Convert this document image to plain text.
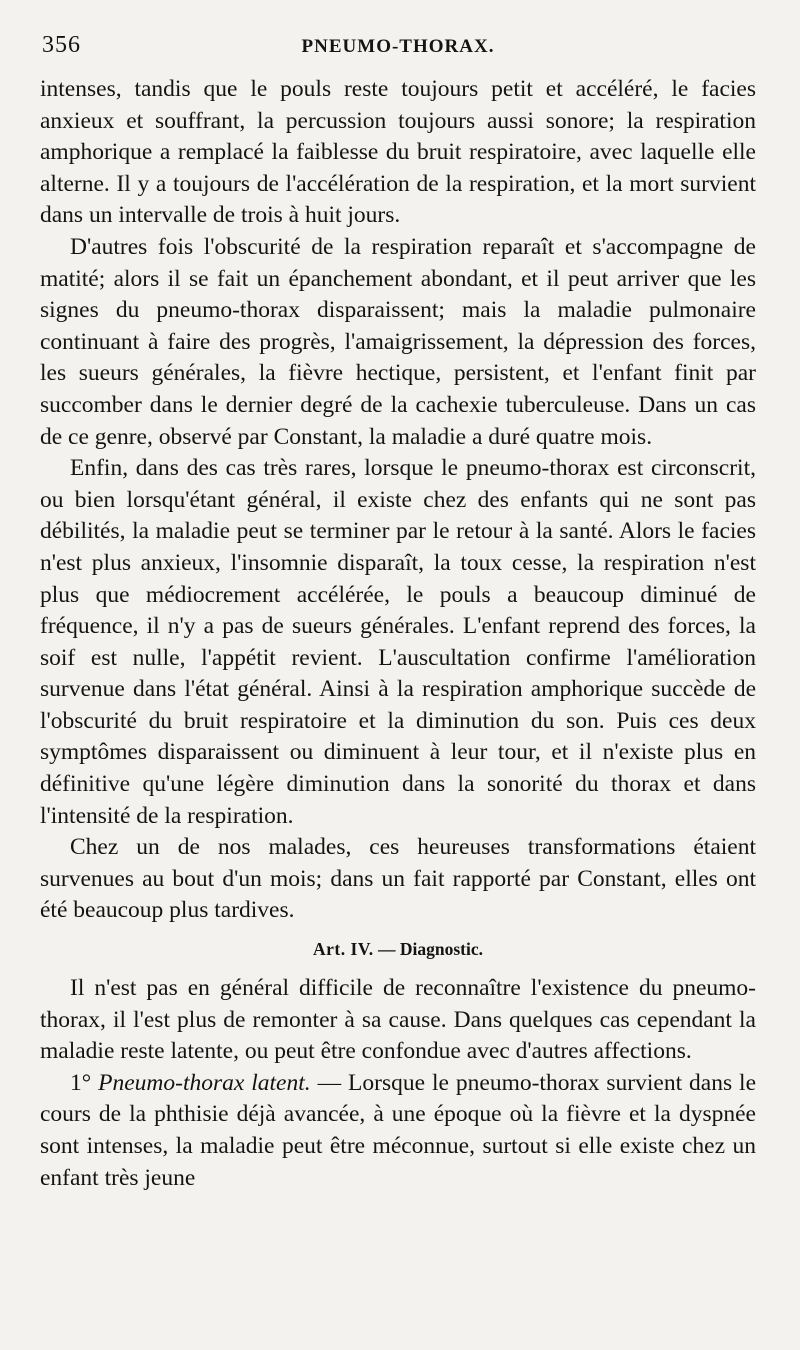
356	PNEUMO-THORAX.

intenses, tandis que le pouls reste toujours petit et accéléré, le facies anxieux et souffrant, la percussion toujours aussi sonore; la respiration amphorique a remplacé la faiblesse du bruit respiratoire, avec laquelle elle alterne. Il y a toujours de l'accélération de la respiration, et la mort survient dans un intervalle de trois à huit jours.

D'autres fois l'obscurité de la respiration reparaît et s'accompagne de matité; alors il se fait un épanchement abondant, et il peut arriver que les signes du pneumo-thorax disparaissent; mais la maladie pulmonaire continuant à faire des progrès, l'amaigrissement, la dépression des forces, les sueurs générales, la fièvre hectique, persistent, et l'enfant finit par succomber dans le dernier degré de la cachexie tuberculeuse. Dans un cas de ce genre, observé par Constant, la maladie a duré quatre mois.

Enfin, dans des cas très rares, lorsque le pneumo-thorax est circonscrit, ou bien lorsqu'étant général, il existe chez des enfants qui ne sont pas débilités, la maladie peut se terminer par le retour à la santé. Alors le facies n'est plus anxieux, l'insomnie disparaît, la toux cesse, la respiration n'est plus que médiocrement accélérée, le pouls a beaucoup diminué de fréquence, il n'y a pas de sueurs générales. L'enfant reprend des forces, la soif est nulle, l'appétit revient. L'auscultation confirme l'amélioration survenue dans l'état général. Ainsi à la respiration amphorique succède de l'obscurité du bruit respiratoire et la diminution du son. Puis ces deux symptômes disparaissent ou diminuent à leur tour, et il n'existe plus en définitive qu'une légère diminution dans la sonorité du thorax et dans l'intensité de la respiration.

Chez un de nos malades, ces heureuses transformations étaient survenues au bout d'un mois; dans un fait rapporté par Constant, elles ont été beaucoup plus tardives.

Art. IV. — Diagnostic.

Il n'est pas en général difficile de reconnaître l'existence du pneumo-thorax, il l'est plus de remonter à sa cause. Dans quelques cas cependant la maladie reste latente, ou peut être confondue avec d'autres affections.

1° Pneumo-thorax latent. — Lorsque le pneumo-thorax survient dans le cours de la phthisie déjà avancée, à une époque où la fièvre et la dyspnée sont intenses, la maladie peut être méconnue, surtout si elle existe chez un enfant très jeune
